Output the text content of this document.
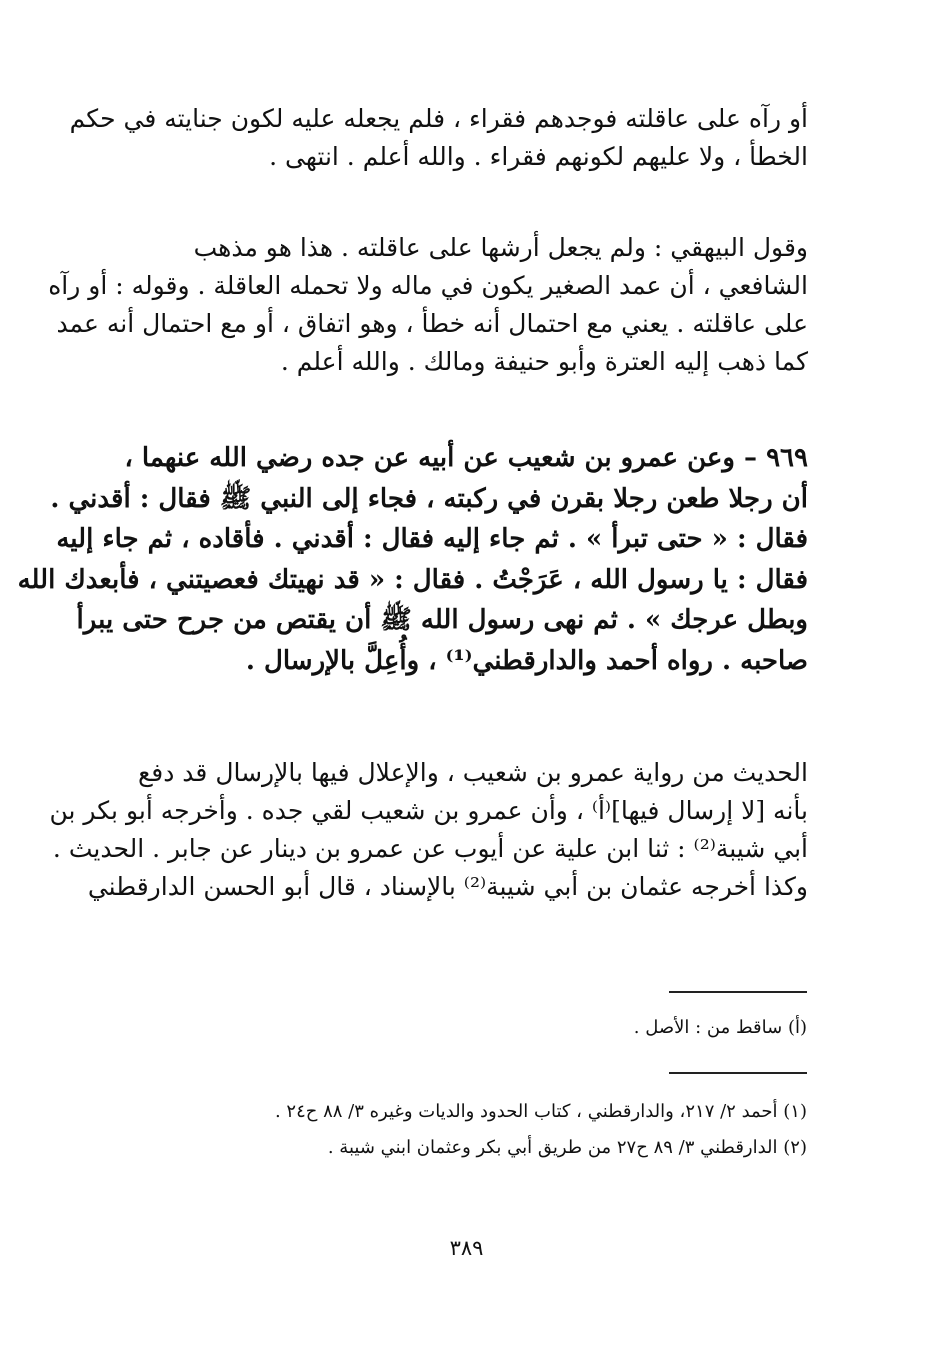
أو رآه على عاقلته فوجدهم فقراء ، فلم يجعله عليه لكون جنايته في حكم
الخطأ ، ولا عليهم لكونهم فقراء . والله أعلم . انتهى .
وقول البيهقي : ولم يجعل أرشها على عاقلته . هذا هو مذهب
الشافعي ، أن عمد الصغير يكون في ماله ولا تحمله العاقلة . وقوله : أو رآه
على عاقلته . يعني مع احتمال أنه خطأ ، وهو اتفاق ، أو مع احتمال أنه عمد
كما ذهب إليه العترة وأبو حنيفة ومالك . والله أعلم .
٩٦٩ – وعن عمرو بن شعيب عن أبيه عن جده رضي الله عنهما ،
أن رجلا طعن رجلا بقرن في ركبته ، فجاء إلى النبي ﷺ فقال : أقدني .
فقال : « حتى تبرأ » . ثم جاء إليه فقال : أقدني . فأقاده ، ثم جاء إليه
فقال : يا رسول الله ، عَرَجْتُ . فقال : « قد نهيتك فعصيتني ، فأبعدك الله
وبطل عرجك » . ثم نهى رسول الله ﷺ أن يقتص من جرح حتى يبرأ
صاحبه . رواه أحمد والدارقطني⁽¹⁾ ، وأُعِلَّ بالإرسال .
الحديث من رواية عمرو بن شعيب ، والإعلال فيها بالإرسال قد دفع
بأنه [لا إرسال فيها]⁽أ⁾ ، وأن عمرو بن شعيب لقي جده . وأخرجه أبو بكر بن
أبي شيبة⁽²⁾ : ثنا ابن علية عن أيوب عن عمرو بن دينار عن جابر . الحديث .
وكذا أخرجه عثمان بن أبي شيبة⁽²⁾ بالإسناد ، قال أبو الحسن الدارقطني
(أ) ساقط من : الأصل .
(١) أحمد ٢/ ٢١٧، والدارقطني ، كتاب الحدود والديات وغيره ٣/ ٨٨ ح٢٤ .
(٢) الدارقطني ٣/ ٨٩ ح٢٧ من طريق أبي بكر وعثمان ابني شيبة .
٣٨٩
